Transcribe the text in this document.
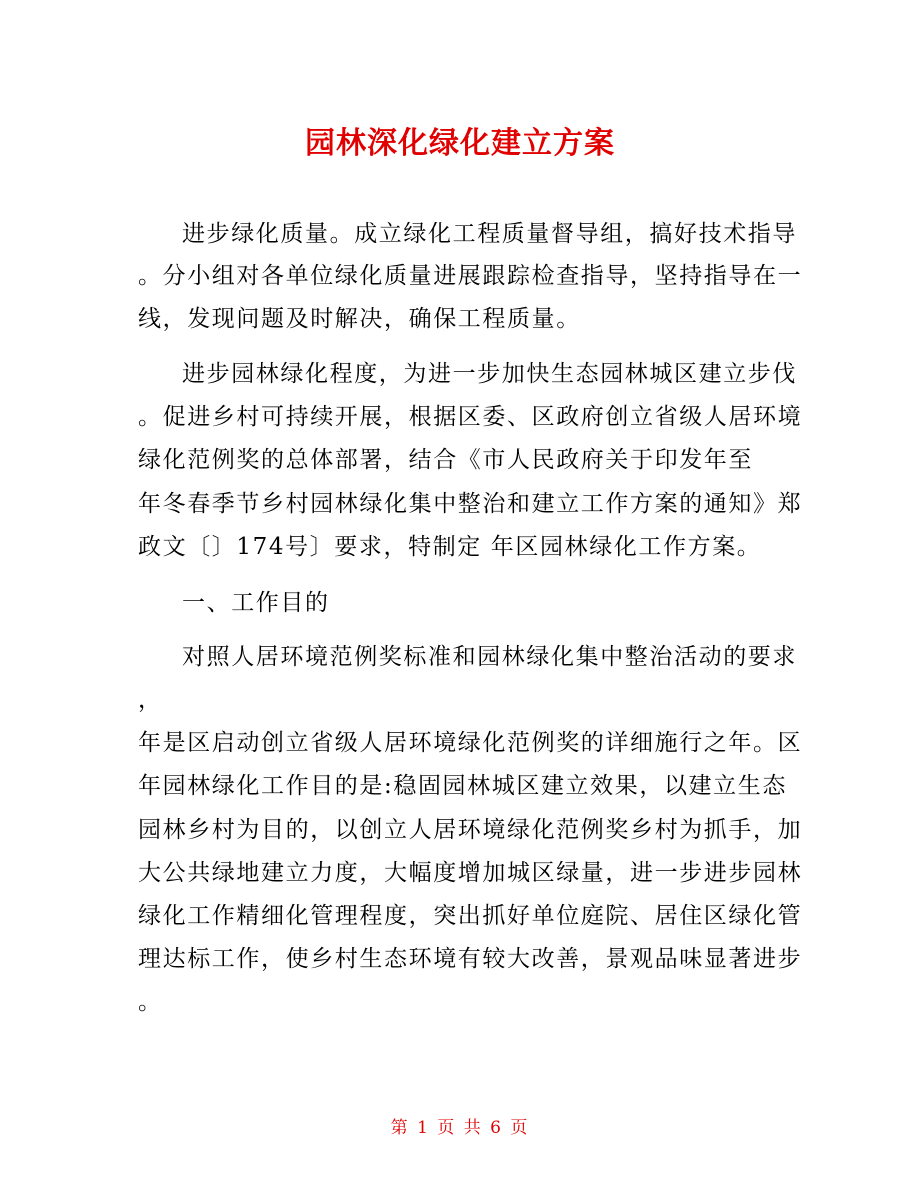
园林深化绿化建立方案
进步绿化质量。成立绿化工程质量督导组，搞好技术指导
。分小组对各单位绿化质量进展跟踪检查指导，坚持指导在一
线，发现问题及时解决，确保工程质量。
进步园林绿化程度，为进一步加快生态园林城区建立步伐
。促进乡村可持续开展，根据区委、区政府创立省级人居环境
绿化范例奖的总体部署，结合《市人民政府关于印发年至
年冬春季节乡村园林绿化集中整治和建立工作方案的通知》郑
政文〔〕174号〕要求，特制定 年区园林绿化工作方案。
一、工作目的
对照人居环境范例奖标准和园林绿化集中整治活动的要求
，
年是区启动创立省级人居环境绿化范例奖的详细施行之年。区
年园林绿化工作目的是:稳固园林城区建立效果，以建立生态
园林乡村为目的，以创立人居环境绿化范例奖乡村为抓手，加
大公共绿地建立力度，大幅度增加城区绿量，进一步进步园林
绿化工作精细化管理程度，突出抓好单位庭院、居住区绿化管
理达标工作，使乡村生态环境有较大改善，景观品味显著进步
。
第 1 页 共 6 页
